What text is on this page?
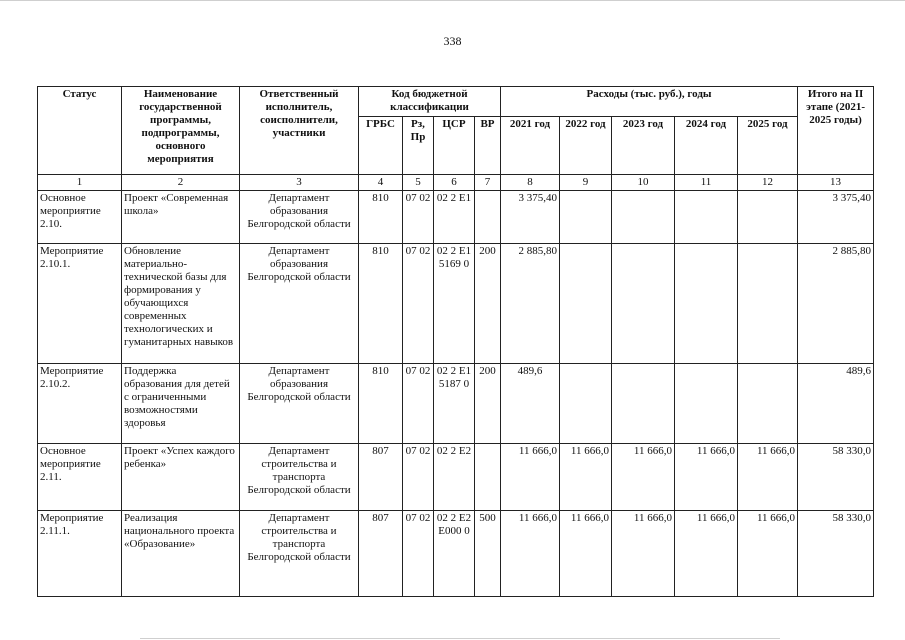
338
Статус	Наименование государственной программы, подпрограммы, основного мероприятия	Ответственный исполнитель, соисполнители, участники	Код бюджетной классификации				Расходы (тыс. руб.), годы					Итого на II этапе (2021-2025 годы)
			ГРБС	Рз, Пр	ЦСР	ВР	2021 год	2022 год	2023 год	2024 год	2025 год	
1	2	3	4	5	6	7	8	9	10	11	12	13
Основное мероприятие 2.10.	Проект «Современная школа»	Департамент образования Белгородской области	810	07 02	02 2 E1		3 375,40					3 375,40
Мероприятие 2.10.1.	Обновление материально-технической базы для формирования у обучающихся современных технологических и гуманитарных навыков	Департамент образования Белгородской области	810	07 02	02 2 E1 5169 0	200	2 885,80					2 885,80
Мероприятие 2.10.2.	Поддержка образования для детей с ограниченными возможностями здоровья	Департамент образования Белгородской области	810	07 02	02 2 E1 5187 0	200	489,6					489,6
Основное мероприятие 2.11.	Проект «Успех каждого ребенка»	Департамент строительства и транспорта Белгородской области	807	07 02	02 2 E2		11 666,0	11 666,0	11 666,0	11 666,0	11 666,0	58 330,0
Мероприятие 2.11.1.	Реализация национального проекта «Образование»	Департамент строительства и транспорта Белгородской области	807	07 02	02 2 E2 E000 0	500	11 666,0	11 666,0	11 666,0	11 666,0	11 666,0	58 330,0
